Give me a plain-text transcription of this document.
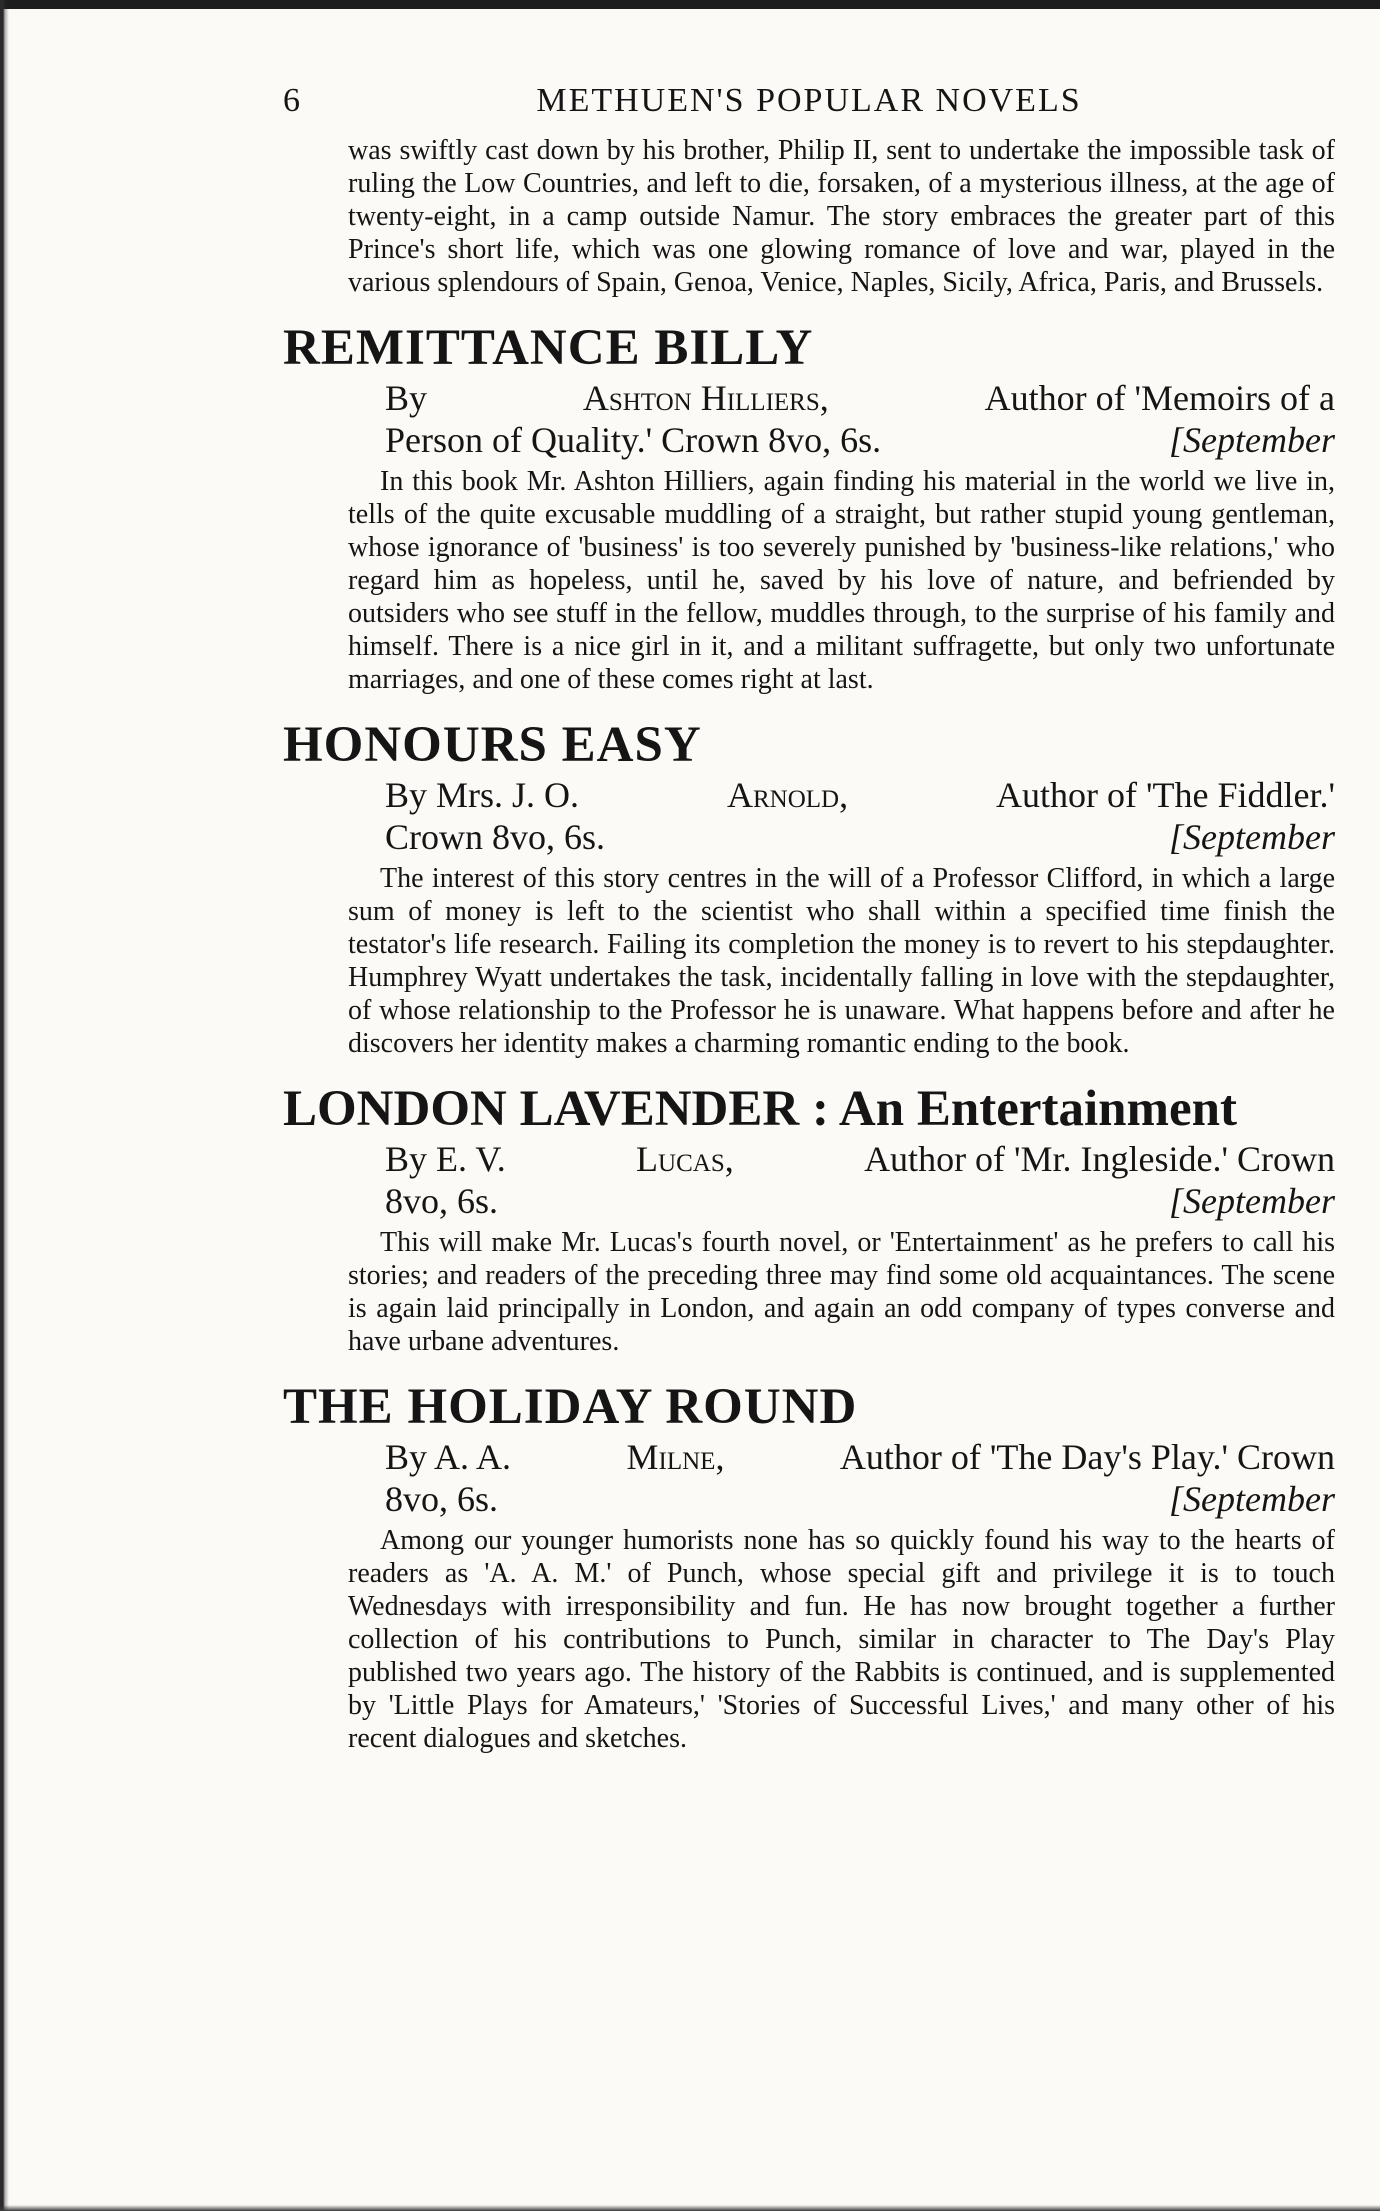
6	METHUEN'S POPULAR NOVELS

was swiftly cast down by his brother, Philip II, sent to undertake the impossible task of ruling the Low Countries, and left to die, forsaken, of a mysterious illness, at the age of twenty-eight, in a camp outside Namur. The story embraces the greater part of this Prince's short life, which was one glowing romance of love and war, played in the various splendours of Spain, Genoa, Venice, Naples, Sicily, Africa, Paris, and Brussels.

REMITTANCE BILLY
By	Ashton Hilliers,	Author of 'Memoirs of a
Person of Quality.' Crown 8vo, 6s.	[September

In this book Mr. Ashton Hilliers, again finding his material in the world we live in, tells of the quite excusable muddling of a straight, but rather stupid young gentleman, whose ignorance of 'business' is too severely punished by 'business-like relations,' who regard him as hopeless, until he, saved by his love of nature, and befriended by outsiders who see stuff in the fellow, muddles through, to the surprise of his family and himself. There is a nice girl in it, and a militant suffragette, but only two unfortunate marriages, and one of these comes right at last.

HONOURS EASY
By Mrs. J. O.	Arnold,	Author of 'The Fiddler.'
Crown 8vo, 6s.	[September

The interest of this story centres in the will of a Professor Clifford, in which a large sum of money is left to the scientist who shall within a specified time finish the testator's life research. Failing its completion the money is to revert to his stepdaughter. Humphrey Wyatt undertakes the task, incidentally falling in love with the stepdaughter, of whose relationship to the Professor he is unaware. What happens before and after he discovers her identity makes a charming romantic ending to the book.

LONDON LAVENDER : An Entertainment
By E. V.	Lucas,	Author of 'Mr. Ingleside.' Crown
8vo, 6s.	[September

This will make Mr. Lucas's fourth novel, or 'Entertainment' as he prefers to call his stories; and readers of the preceding three may find some old acquaintances. The scene is again laid principally in London, and again an odd company of types converse and have urbane adventures.

THE HOLIDAY ROUND
By A. A.	Milne,	Author of 'The Day's Play.' Crown
8vo, 6s.	[September

Among our younger humorists none has so quickly found his way to the hearts of readers as 'A. A. M.' of Punch, whose special gift and privilege it is to touch Wednesdays with irresponsibility and fun. He has now brought together a further collection of his contributions to Punch, similar in character to The Day's Play published two years ago. The history of the Rabbits is continued, and is supplemented by 'Little Plays for Amateurs,' 'Stories of Successful Lives,' and many other of his recent dialogues and sketches.
